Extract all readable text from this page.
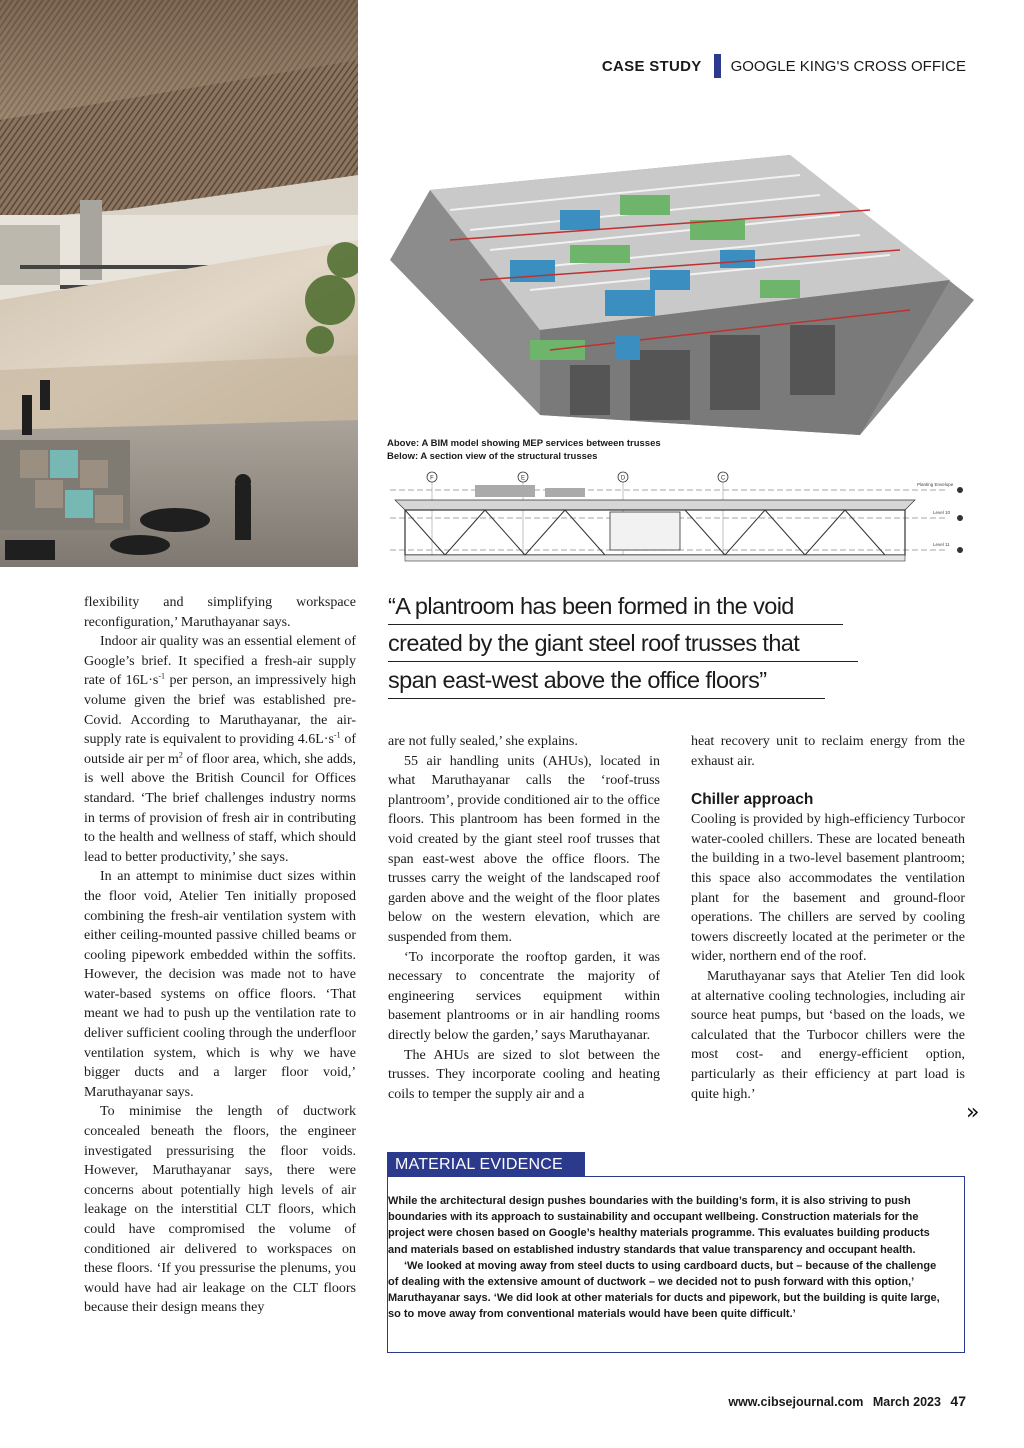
CASE STUDY GOOGLE KING'S CROSS OFFICE
Above: A BIM model showing MEP services between trusses
Below: A section view of the structural trusses
F	E	D	C
Planting Envelope
Level 10
Level 11

flexibility and simplifying workspace reconfiguration,’ Maruthayanar says.

Indoor air quality was an essential element of Google’s brief. It specified a fresh-air supply rate of $16L\cdot s^{-1}$ per person, an impressively high volume given the brief was established pre-Covid. According to Maruthayanar, the air-supply rate is equivalent to providing $4.6L\cdot s^{-1}$ of outside air per $m^2$ of floor area, which, she adds, is well above the British Council for Offices standard. ‘The brief challenges industry norms in terms of provision of fresh air in contributing to the health and wellness of staff, which should lead to better productivity,’ she says.

In an attempt to minimise duct sizes within the floor void, Atelier Ten initially proposed combining the fresh-air ventilation system with either ceiling-mounted passive chilled beams or cooling pipework embedded within the soffits. However, the decision was made not to have water-based systems on office floors. ‘That meant we had to push up the ventilation rate to deliver sufficient cooling through the underfloor ventilation system, which is why we have bigger ducts and a larger floor void,’ Maruthayanar says.

To minimise the length of ductwork concealed beneath the floors, the engineer investigated pressurising the floor voids. However, Maruthayanar says, there were concerns about potentially high levels of air leakage on the interstitial CLT floors, which could have compromised the volume of conditioned air delivered to workspaces on these floors. ‘If you pressurise the plenums, you would have had air leakage on the CLT floors because their design means they

“A plantroom has been formed in the void
created by the giant steel roof trusses that
span east-west above the office floors”

are not fully sealed,’ she explains.

55 air handling units (AHUs), located in what Maruthayanar calls the ‘roof-truss plantroom’, provide conditioned air to the office floors. This plantroom has been formed in the void created by the giant steel roof trusses that span east-west above the office floors. The trusses carry the weight of the landscaped roof garden above and the weight of the floor plates below on the western elevation, which are suspended from them.

‘To incorporate the rooftop garden, it was necessary to concentrate the majority of engineering services equipment within basement plantrooms or in air handling rooms directly below the garden,’ says Maruthayanar.

The AHUs are sized to slot between the trusses. They incorporate cooling and heating coils to temper the supply air and a

heat recovery unit to reclaim energy from the exhaust air.

Chiller approach

Cooling is provided by high-efficiency Turbocor water-cooled chillers. These are located beneath the building in a two-level basement plantroom; this space also accommodates the ventilation plant for the basement and ground-floor operations. The chillers are served by cooling towers discreetly located at the perimeter or the wider, northern end of the roof.

Maruthayanar says that Atelier Ten did look at alternative cooling technologies, including air source heat pumps, but ‘based on the loads, we calculated that the Turbocor chillers were the most cost- and energy-efficient option, particularly as their efficiency at part load is quite high.’

»
MATERIAL EVIDENCE

While the architectural design pushes boundaries with the building’s form, it is also striving to push boundaries with its approach to sustainability and occupant wellbeing. Construction materials for the project were chosen based on Google’s healthy materials programme. This evaluates building products and materials based on established industry standards that value transparency and occupant health.

‘We looked at moving away from steel ducts to using cardboard ducts, but – because of the challenge of dealing with the extensive amount of ductwork – we decided not to push forward with this option,’ Maruthayanar says. ‘We did look at other materials for ducts and pipework, but the building is quite large, so to move away from conventional materials would have been quite difficult.’

www.cibsejournal.com March 2023 47
